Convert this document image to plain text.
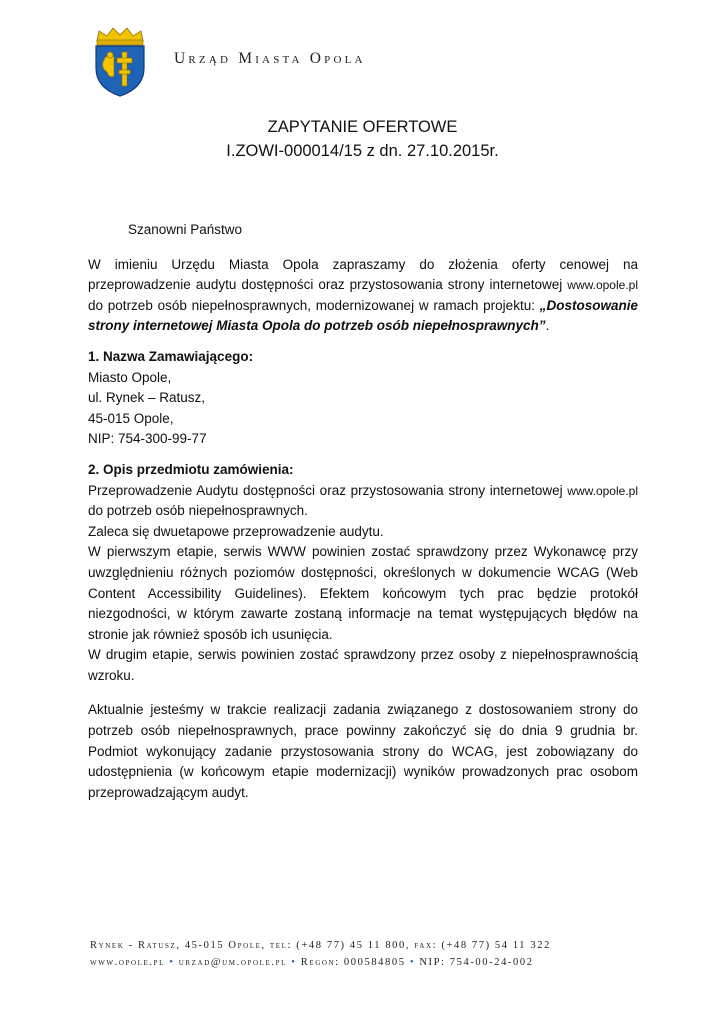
Urząd Miasta Opola
ZAPYTANIE OFERTOWE
I.ZOWI-000014/15 z dn. 27.10.2015r.

Szanowni Państwo

W imieniu Urzędu Miasta Opola zapraszamy do złożenia oferty cenowej na przeprowadzenie audytu dostępności oraz przystosowania strony internetowej www.opole.pl do potrzeb osób niepełnosprawnych, modernizowanej w ramach projektu: „Dostosowanie strony internetowej Miasta Opola do potrzeb osób niepełnosprawnych”.

1. Nazwa Zamawiającego:

Miasto Opole,

ul. Rynek – Ratusz,

45-015 Opole,

NIP: 754-300-99-77

2. Opis przedmiotu zamówienia:

Przeprowadzenie Audytu dostępności oraz przystosowania strony internetowej www.opole.pl do potrzeb osób niepełnosprawnych.

Zaleca się dwuetapowe przeprowadzenie audytu.

W pierwszym etapie, serwis WWW powinien zostać sprawdzony przez Wykonawcę przy uwzględnieniu różnych poziomów dostępności, określonych w dokumencie WCAG (Web Content Accessibility Guidelines). Efektem końcowym tych prac będzie protokół niezgodności, w którym zawarte zostaną informacje na temat występujących błędów na stronie jak również sposób ich usunięcia.

W drugim etapie, serwis powinien zostać sprawdzony przez osoby z niepełnosprawnością wzroku.

Aktualnie jesteśmy w trakcie realizacji zadania związanego z dostosowaniem strony do potrzeb osób niepełnosprawnych, prace powinny zakończyć się do dnia 9 grudnia br. Podmiot wykonujący zadanie przystosowania strony do WCAG, jest zobowiązany do udostępnienia (w końcowym etapie modernizacji) wyników prowadzonych prac osobom przeprowadzającym audyt.

Rynek - Ratusz, 45-015 Opole, tel: (+48 77) 45 11 800, fax: (+48 77) 54 11 322
www.opole.pl • urzad@um.opole.pl • Regon: 000584805 • NIP: 754-00-24-002
